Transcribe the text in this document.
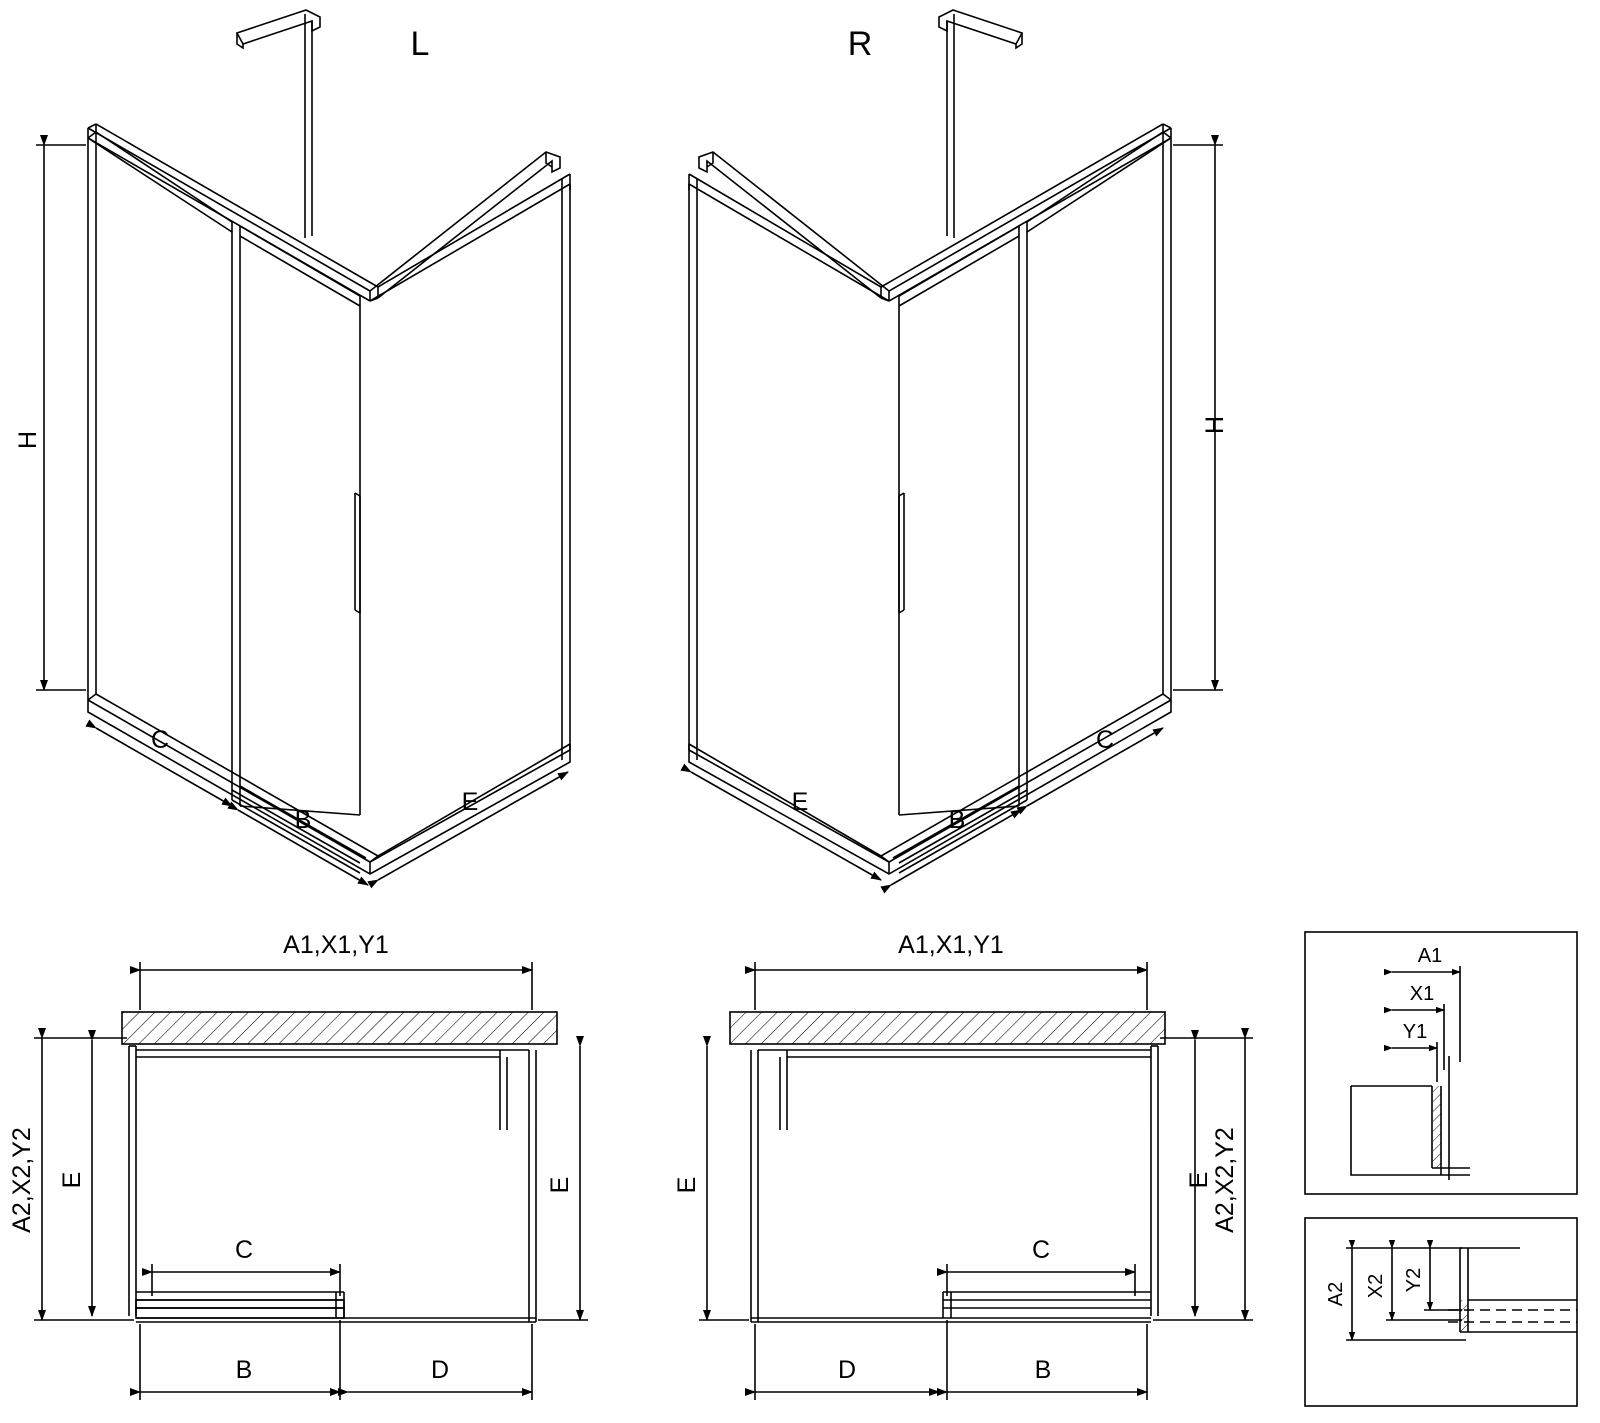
H
C
B
E
L
H
E
B
C
R
A1,X1,Y1
A2,X2,Y2 E	E
C
B	D
A1,X1,Y1
A2,X2,Y2
E
E
C
D	B
A1
X1
Y1
A2 X2 Y2
